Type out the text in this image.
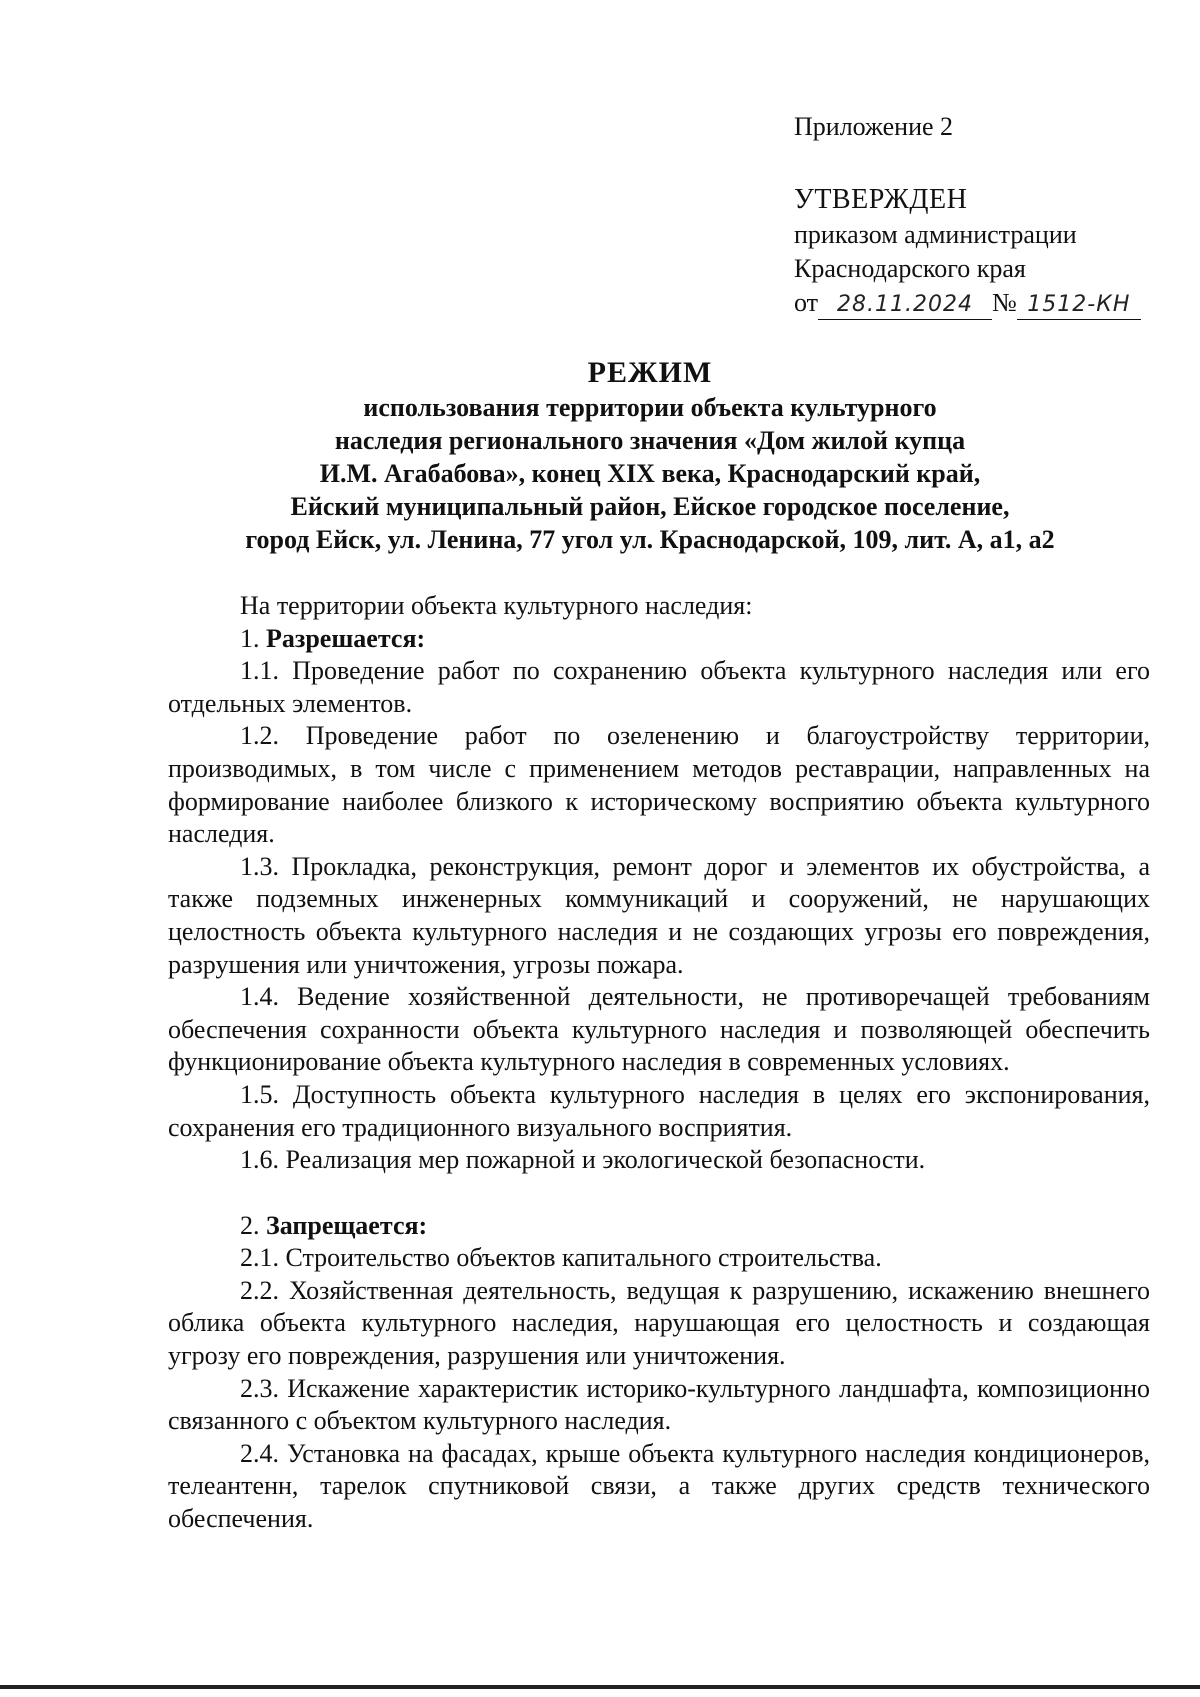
Приложение 2
УТВЕРЖДЕН
приказом администрации
Краснодарского края
от 28.11.2024 № 1512-КН
РЕЖИМ
использования территории объекта культурного
наследия регионального значения «Дом жилой купца
И.М. Агабабова», конец XIX века, Краснодарский край,
Ейский муниципальный район, Ейское городское поселение,
город Ейск, ул. Ленина, 77 угол ул. Краснодарской, 109, лит. А, а1, а2

На территории объекта культурного наследия:

1. Разрешается:

1.1. Проведение работ по сохранению объекта культурного наследия или его отдельных элементов.

1.2. Проведение работ по озеленению и благоустройству территории, производимых, в том числе с применением методов реставрации, направленных на формирование наиболее близкого к историческому восприятию объекта культурного наследия.

1.3. Прокладка, реконструкция, ремонт дорог и элементов их обустройства, а также подземных инженерных коммуникаций и сооружений, не нарушающих целостность объекта культурного наследия и не создающих угрозы его повреждения, разрушения или уничтожения, угрозы пожара.

1.4. Ведение хозяйственной деятельности, не противоречащей требованиям обеспечения сохранности объекта культурного наследия и позволяющей обеспечить функционирование объекта культурного наследия в современных условиях.

1.5. Доступность объекта культурного наследия в целях его экспонирования, сохранения его традиционного визуального восприятия.

1.6. Реализация мер пожарной и экологической безопасности.

2. Запрещается:

2.1. Строительство объектов капитального строительства.

2.2. Хозяйственная деятельность, ведущая к разрушению, искажению внешнего облика объекта культурного наследия, нарушающая его целостность и создающая угрозу его повреждения, разрушения или уничтожения.

2.3. Искажение характеристик историко-культурного ландшафта, композиционно связанного с объектом культурного наследия.

2.4. Установка на фасадах, крыше объекта культурного наследия кондиционеров, телеантенн, тарелок спутниковой связи, а также других средств технического обеспечения.
